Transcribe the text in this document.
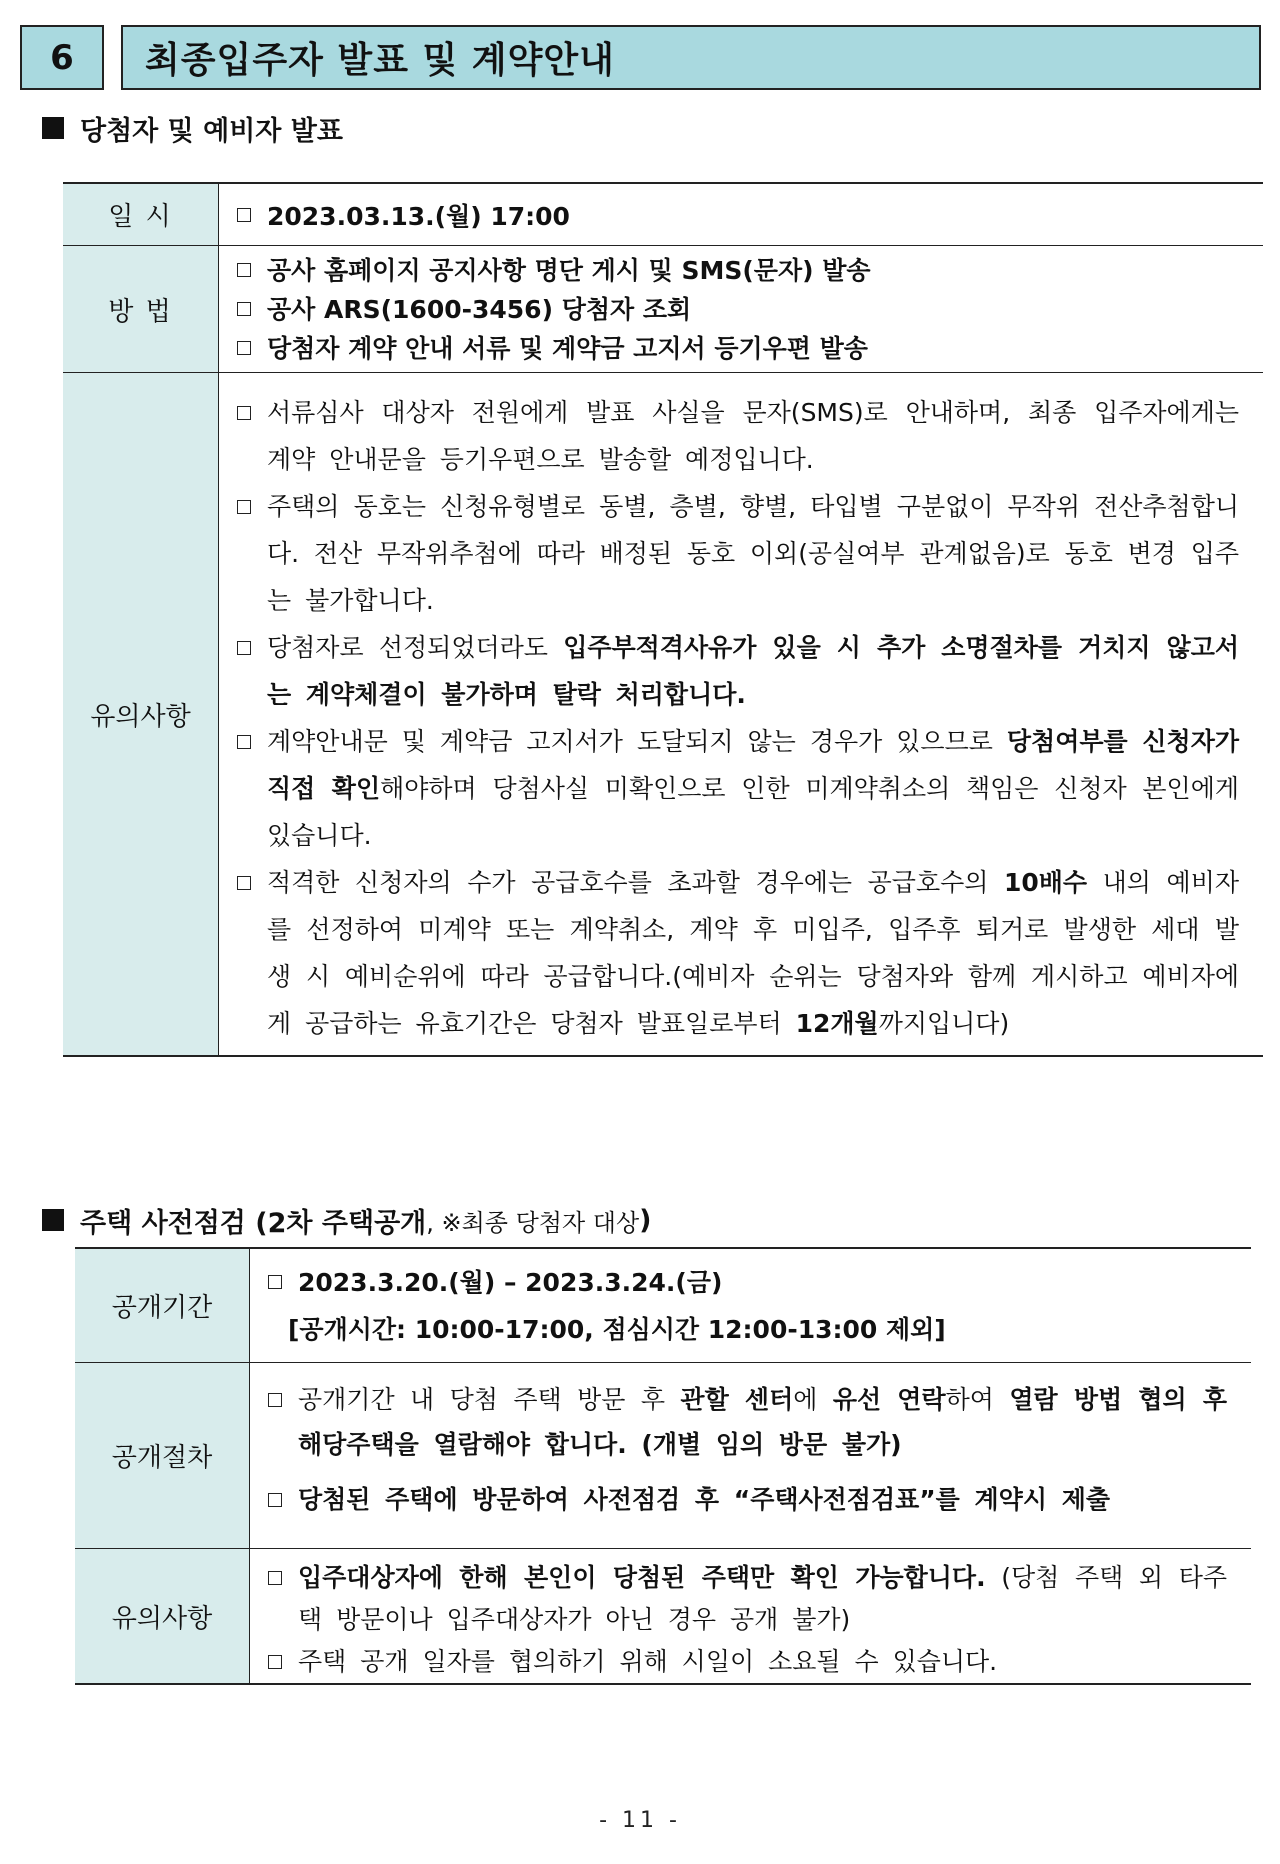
6	최종입주자 발표 및 계약안내
당첨자 및 예비자 발표
일 시	2023.03.13.(월) 17:00
방 법
공사 홈페이지 공지사항 명단 게시 및 SMS(문자) 발송
공사 ARS(1600-3456) 당첨자 조회
당첨자 계약 안내 서류 및 계약금 고지서 등기우편 발송
유의사항
서류심사 대상자 전원에게 발표 사실을 문자(SMS)로 안내하며, 최종 입주자에게는 계약 안내문을 등기우편으로 발송할 예정입니다.
주택의 동호는 신청유형별로 동별, 층별, 향별, 타입별 구분없이 무작위 전산추첨합니다. 전산 무작위추첨에 따라 배정된 동호 이외(공실여부 관계없음)로 동호 변경 입주는 불가합니다.
당첨자로 선정되었더라도 입주부적격사유가 있을 시 추가 소명절차를 거치지 않고서는 계약체결이 불가하며 탈락 처리합니다.
계약안내문 및 계약금 고지서가 도달되지 않는 경우가 있으므로 당첨여부를 신청자가 직접 확인해야하며 당첨사실 미확인으로 인한 미계약취소의 책임은 신청자 본인에게 있습니다.
적격한 신청자의 수가 공급호수를 초과할 경우에는 공급호수의 10배수 내의 예비자를 선정하여 미계약 또는 계약취소, 계약 후 미입주, 입주후 퇴거로 발생한 세대 발생 시 예비순위에 따라 공급합니다.(예비자 순위는 당첨자와 함께 게시하고 예비자에게 공급하는 유효기간은 당첨자 발표일로부터 12개월까지입니다)
주택 사전점검 (2차 주택공개 , ※최종 당첨자 대상 )
공개기간
2023.3.20.(월) – 2023.3.24.(금)
[공개시간: 10:00-17:00, 점심시간 12:00-13:00 제외]
공개절차
공개기간 내 당첨 주택 방문 후 관할 센터에 유선 연락하여 열람 방법 협의 후 해당주택을 열람해야 합니다. (개별 임의 방문 불가)
당첨된 주택에 방문하여 사전점검 후 “주택사전점검표”를 계약시 제출
유의사항
입주대상자에 한해 본인이 당첨된 주택만 확인 가능합니다. (당첨 주택 외 타주택 방문이나 입주대상자가 아닌 경우 공개 불가)
주택 공개 일자를 협의하기 위해 시일이 소요될 수 있습니다.
- 11 -
